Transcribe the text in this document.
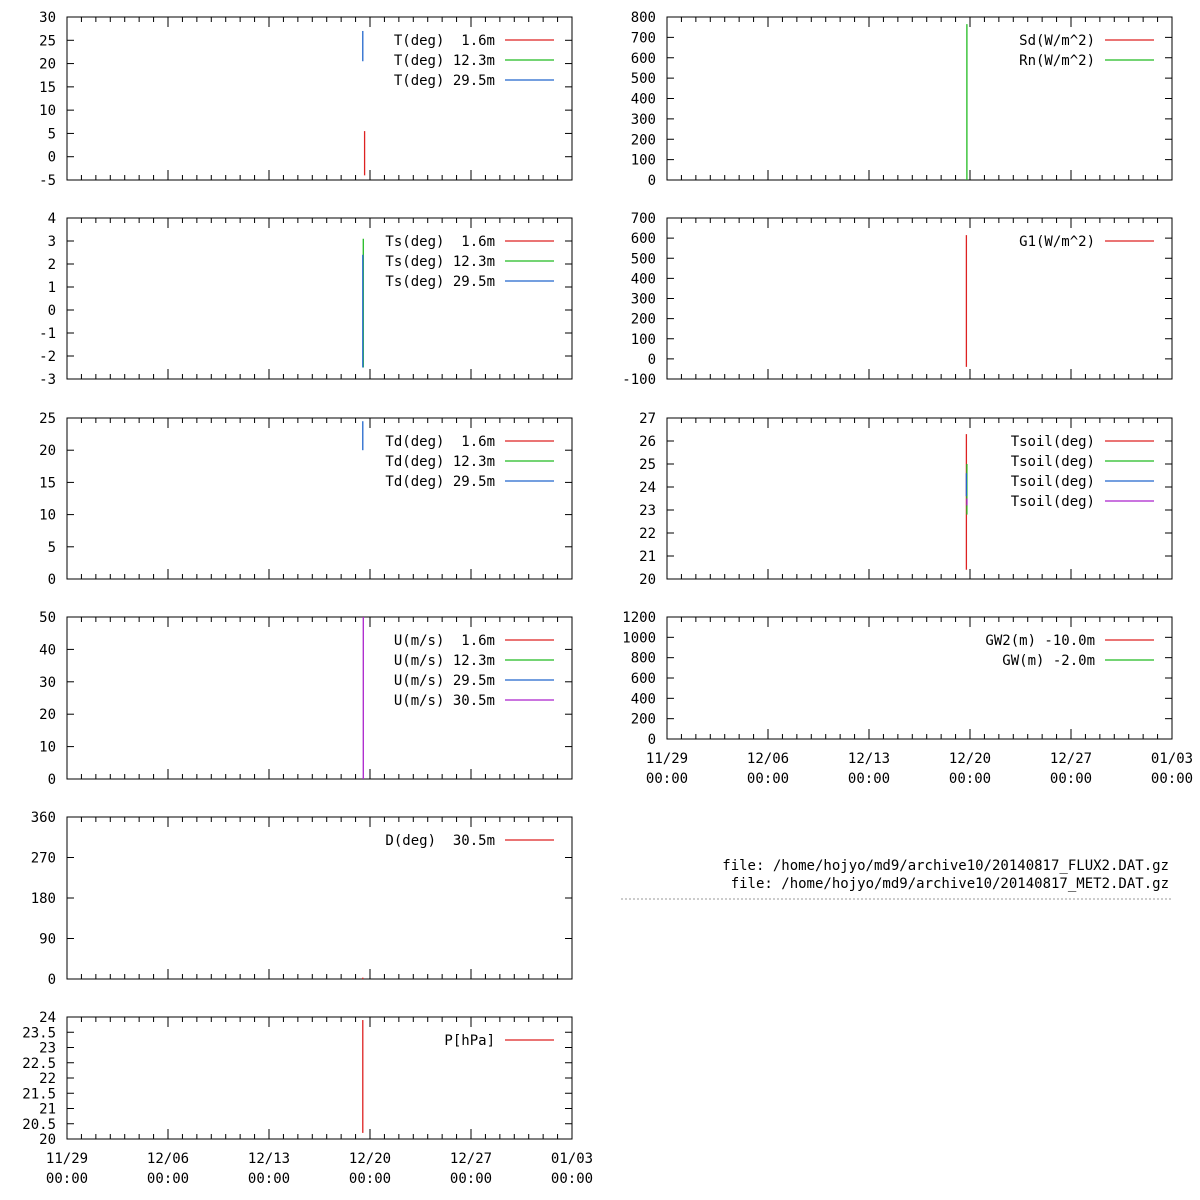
-5
0
5
10
15
20
25
30
T(deg)  1.6m
T(deg) 12.3m
T(deg) 29.5m
-3
-2
-1
0
1
2
3
4
Ts(deg)  1.6m
Ts(deg) 12.3m
Ts(deg) 29.5m
0
5
10
15
20
25
Td(deg)  1.6m
Td(deg) 12.3m
Td(deg) 29.5m
0
10
20
30
40
50
U(m/s)  1.6m
U(m/s) 12.3m
U(m/s) 29.5m
U(m/s) 30.5m
0
90
180
270
360
D(deg)  30.5m
20
20.5
21
21.5
22
22.5
23
23.5
24
11/29
00:00
12/06
00:00
12/13
00:00
12/20
00:00
12/27
00:00
01/03
00:00
P[hPa]
0
100
200
300
400
500
600
700
800
Sd(W/m^2)
Rn(W/m^2)
-100
0
100
200
300
400
500
600
700
G1(W/m^2)
20
21
22
23
24
25
26
27
Tsoil(deg)
Tsoil(deg)
Tsoil(deg)
Tsoil(deg)
0
200
400
600
800
1000
1200
11/29
00:00
12/06
00:00
12/13
00:00
12/20
00:00
12/27
00:00
01/03
00:00
GW2(m) -10.0m
GW(m) -2.0m
file: /home/hojyo/md9/archive10/20140817_FLUX2.DAT.gz
file: /home/hojyo/md9/archive10/20140817_MET2.DAT.gz
